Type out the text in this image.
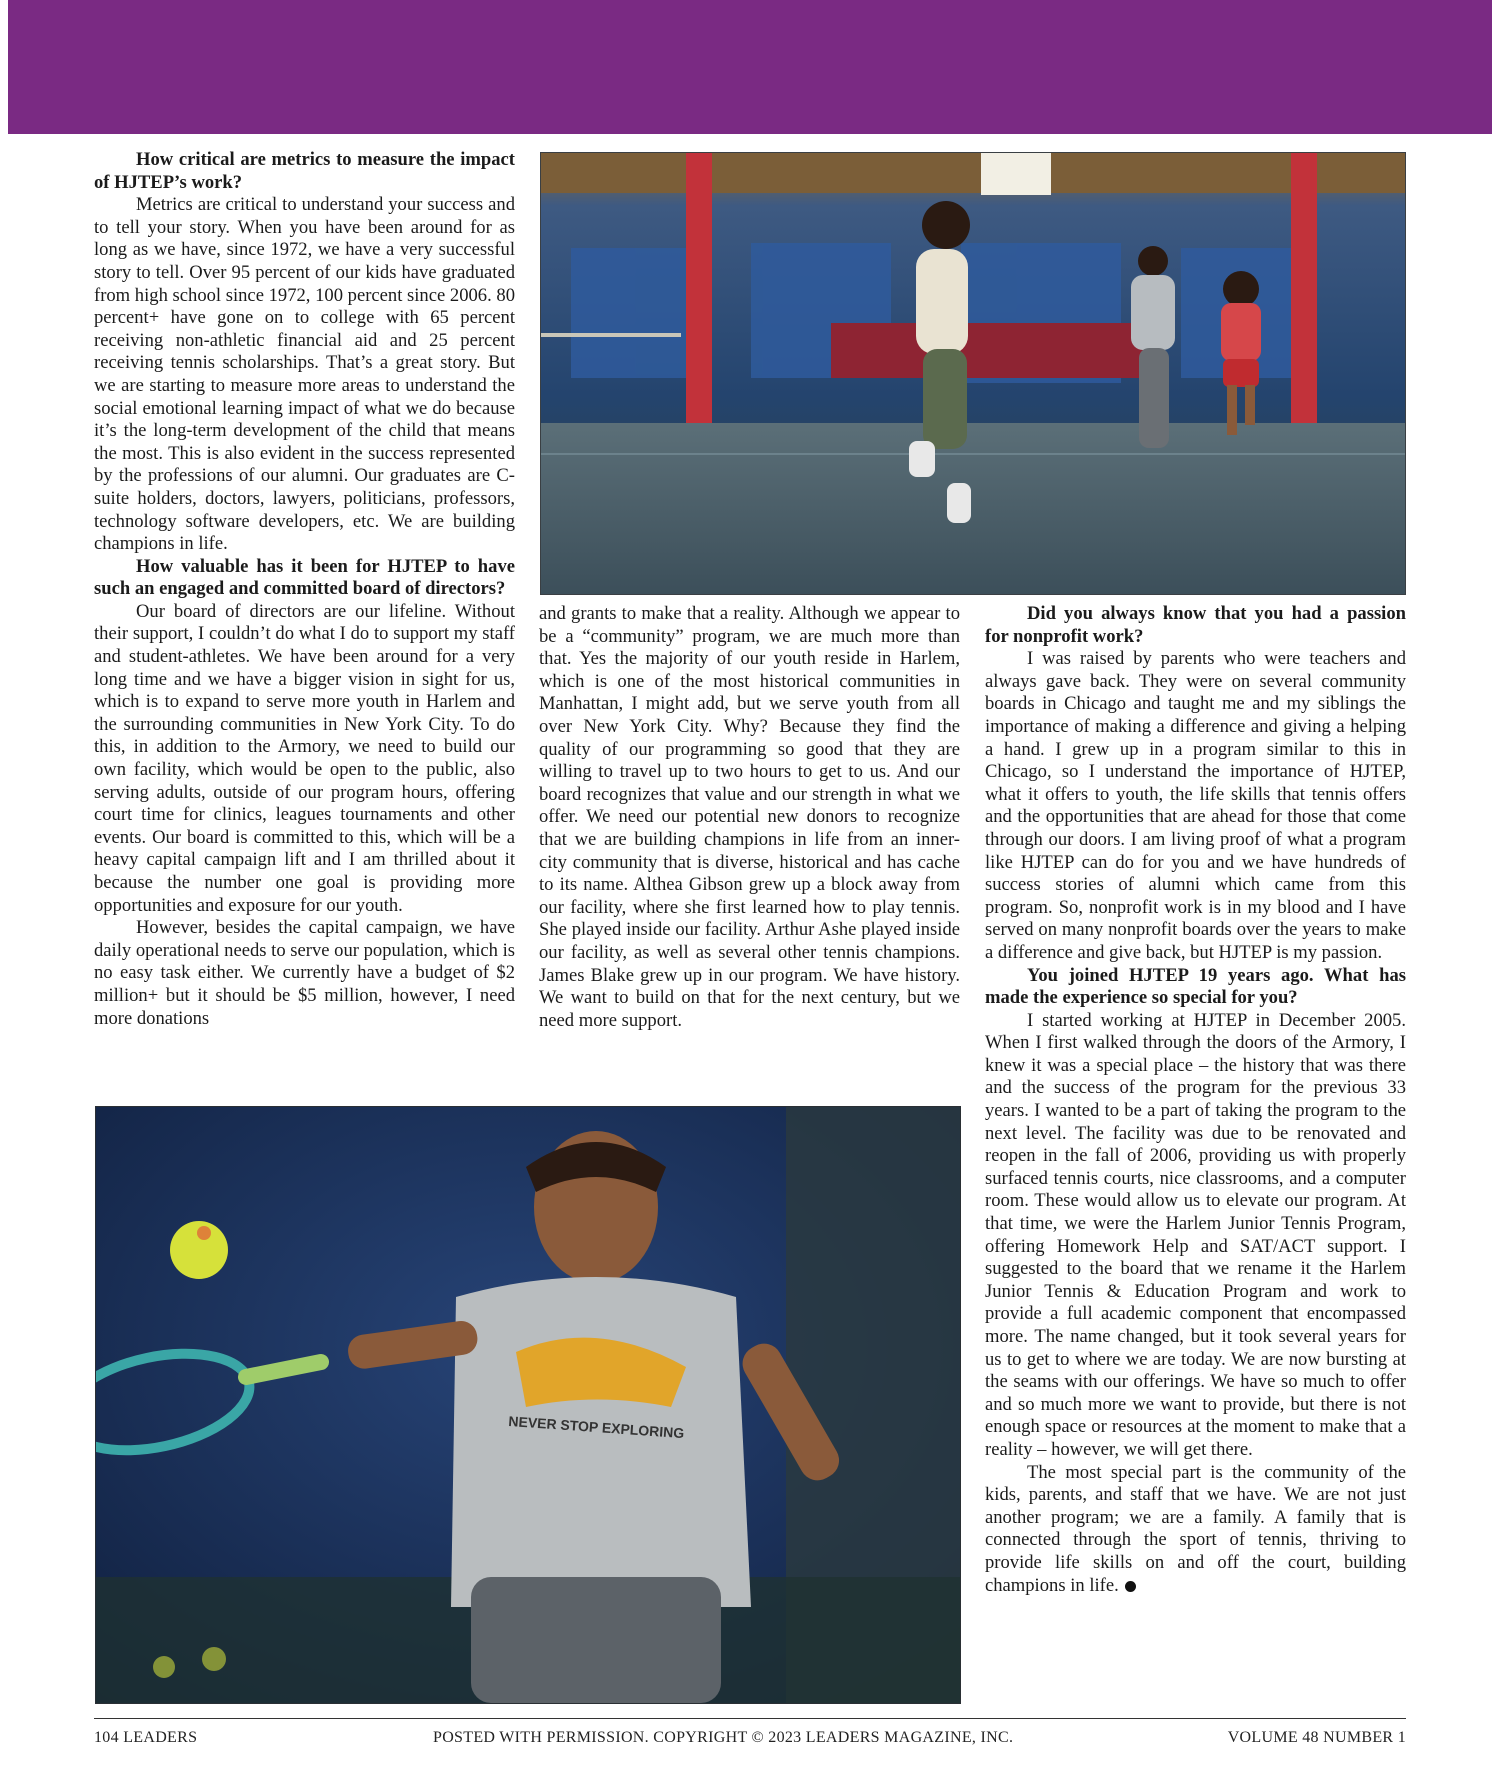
How critical are metrics to measure the impact of HJTEP’s work?

Metrics are critical to understand your success and to tell your story. When you have been around for as long as we have, since 1972, we have a very successful story to tell. Over 95 percent of our kids have graduated from high school since 1972, 100 percent since 2006. 80 percent+ have gone on to college with 65 percent receiving non-athletic financial aid and 25 percent receiving tennis scholarships. That’s a great story. But we are starting to measure more areas to understand the social emotional learning impact of what we do because it’s the long-term development of the child that means the most. This is also evident in the success represented by the professions of our alumni. Our graduates are C-suite holders, doctors, lawyers, politicians, professors, technology software developers, etc. We are building champions in life.

How valuable has it been for HJTEP to have such an engaged and committed board of directors?

Our board of directors are our lifeline. Without their support, I couldn’t do what I do to support my staff and student-athletes. We have been around for a very long time and we have a bigger vision in sight for us, which is to expand to serve more youth in Harlem and the surrounding communities in New York City. To do this, in addition to the Armory, we need to build our own facility, which would be open to the public, also serving adults, outside of our program hours, offering court time for clinics, leagues tournaments and other events. Our board is committed to this, which will be a heavy capital campaign lift and I am thrilled about it because the number one goal is providing more opportunities and exposure for our youth.

However, besides the capital campaign, we have daily operational needs to serve our population, which is no easy task either. We currently have a budget of $2 million+ but it should be $5 million, however, I need more donations

and grants to make that a reality. Although we appear to be a “community” program, we are much more than that. Yes the majority of our youth reside in Harlem, which is one of the most historical communities in Manhattan, I might add, but we serve youth from all over New York City. Why? Because they find the quality of our programming so good that they are willing to travel up to two hours to get to us. And our board recognizes that value and our strength in what we offer. We need our potential new donors to recognize that we are building champions in life from an inner-city community that is diverse, historical and has cache to its name. Althea Gibson grew up a block away from our facility, where she first learned how to play tennis. She played inside our facility. Arthur Ashe played inside our facility, as well as several other tennis champions. James Blake grew up in our program. We have history. We want to build on that for the next century, but we need more support.

Did you always know that you had a passion for nonprofit work?

I was raised by parents who were teachers and always gave back. They were on several community boards in Chicago and taught me and my siblings the importance of making a difference and giving a helping a hand. I grew up in a program similar to this in Chicago, so I understand the importance of HJTEP, what it offers to youth, the life skills that tennis offers and the opportunities that are ahead for those that come through our doors. I am living proof of what a program like HJTEP can do for you and we have hundreds of success stories of alumni which came from this program. So, nonprofit work is in my blood and I have served on many nonprofit boards over the years to make a difference and give back, but HJTEP is my passion.

You joined HJTEP 19 years ago. What has made the experience so special for you?

I started working at HJTEP in December 2005. When I first walked through the doors of the Armory, I knew it was a special place – the history that was there and the success of the program for the previous 33 years. I wanted to be a part of taking the program to the next level. The facility was due to be renovated and reopen in the fall of 2006, providing us with properly surfaced tennis courts, nice classrooms, and a computer room. These would allow us to elevate our program. At that time, we were the Harlem Junior Tennis Program, offering Homework Help and SAT/ACT support. I suggested to the board that we rename it the Harlem Junior Tennis & Education Program and work to provide a full academic component that encompassed more. The name changed, but it took several years for us to get to where we are today. We are now bursting at the seams with our offerings. We have so much to offer and so much more we want to provide, but there is not enough space or resources at the moment to make that a reality – however, we will get there.

The most special part is the community of the kids, parents, and staff that we have. We are not just another program; we are a family. A family that is connected through the sport of tennis, thriving to provide life skills on and off the court, building champions in life.

NEVER STOP EXPLORING
104 LEADERS	POSTED WITH PERMISSION. COPYRIGHT © 2023 LEADERS MAGAZINE, INC.	VOLUME 48 NUMBER 1
